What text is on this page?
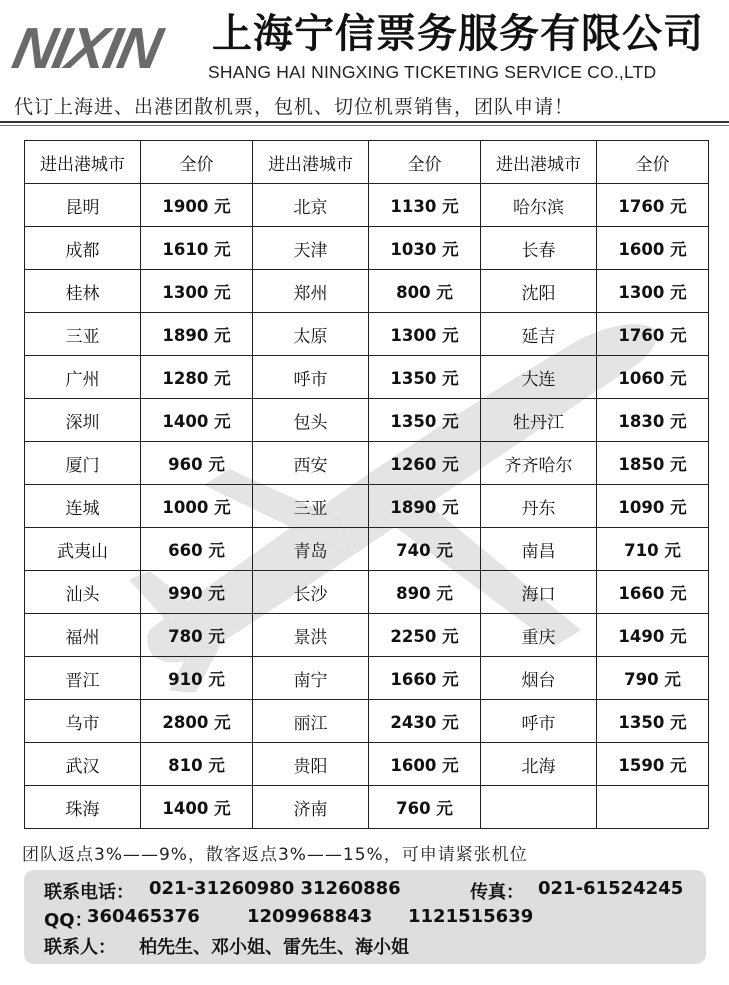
NIXIN 上海宁信票务服务有限公司
SHANG HAI NINGXING TICKETING SERVICE CO.,LTD
代订上海进、出港团散机票，包机、切位机票销售，团队申请！
进出港城市	全价	进出港城市	全价	进出港城市	全价
昆明	1900 元	北京	1130 元	哈尔滨	1760 元
成都	1610 元	天津	1030 元	长春	1600 元
桂林	1300 元	郑州	800 元	沈阳	1300 元
三亚	1890 元	太原	1300 元	延吉	1760 元
广州	1280 元	呼市	1350 元	大连	1060 元
深圳	1400 元	包头	1350 元	牡丹江	1830 元
厦门	960 元	西安	1260 元	齐齐哈尔	1850 元
连城	1000 元	三亚	1890 元	丹东	1090 元
武夷山	660 元	青岛	740 元	南昌	710 元
汕头	990 元	长沙	890 元	海口	1660 元
福州	780 元	景洪	2250 元	重庆	1490 元
晋江	910 元	南宁	1660 元	烟台	790 元
乌市	2800 元	丽江	2430 元	呼市	1350 元
武汉	810 元	贵阳	1600 元	北海	1590 元
珠海	1400 元	济南	760 元		
团队返点3%——9%，散客返点3%——15%，可申请紧张机位
联系电话： 021-31260980 31260886	传真： 021-61524245
QQ：
360465376	1209968843 1121515639
联系人： 柏先生、邓小姐、雷先生、海小姐
